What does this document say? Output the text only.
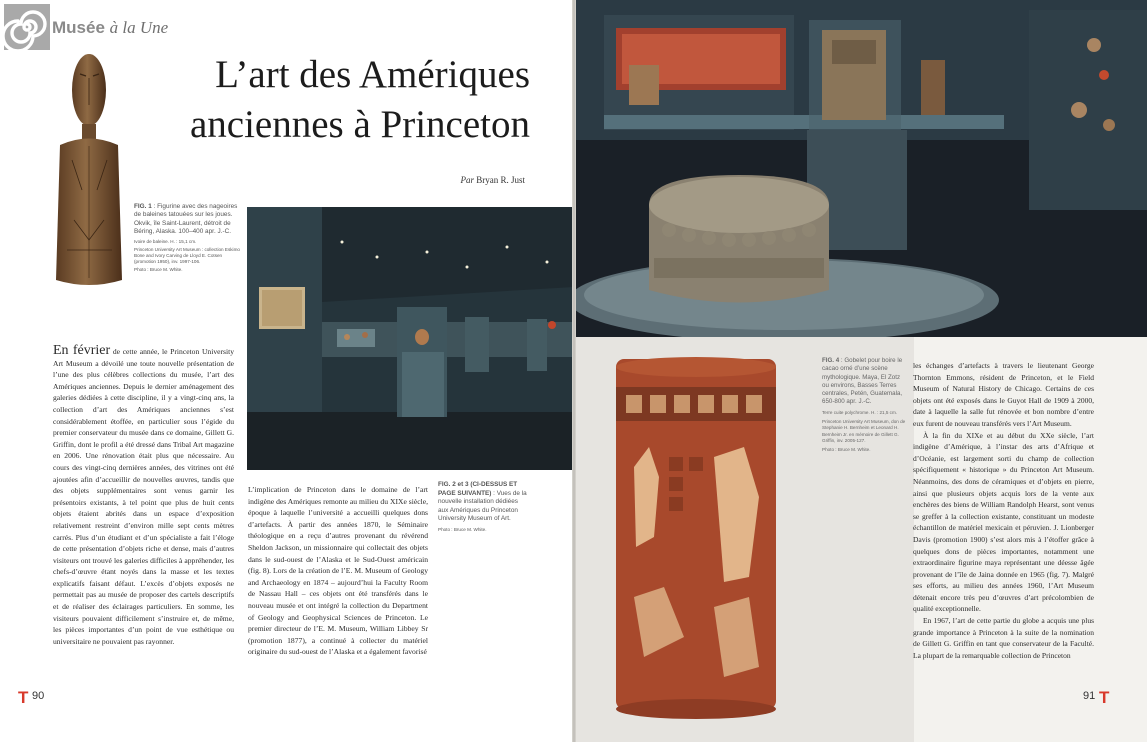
Musée à la Une
L’art des Amériques
anciennes à Princeton
Par Bryan R. Just
FIG. 1 : Figurine avec des nageoires de baleines tatouées sur les joues. Okvik, île Saint-Laurent, détroit de Béring, Alaska. 100–400 apr. J.-C.
Ivoire de baleine. H. : 15,1 cm.
Princeton University Art Museum : collection Eskimo Bone and Ivory Carving de Lloyd E. Cotsen (promotion 1950), inv. 1997-106.
Photo : Bruce M. White.
En février de cette année, le Princeton University Art Museum a dévoilé une toute nouvelle présentation de l’une des plus célèbres collections du musée, l’art des Amériques anciennes. Depuis le dernier aménagement des galeries dédiées à cette discipline, il y a vingt-cinq ans, la collection d’art des Amériques anciennes s’est considérablement étoffée, en particulier sous l’égide du premier conservateur du musée dans ce domaine, Gillett G. Griffin, dont le profil a été dressé dans Tribal Art magazine en 2006. Une rénovation était plus que nécessaire. Au cours des vingt-cinq dernières années, des vitrines ont été ajoutées afin d’accueillir de nouvelles œuvres, tandis que des objets supplémentaires sont venus garnir les présentoirs existants, à tel point que plus de huit cents objets étaient abrités dans un espace d’exposition relativement restreint d’environ mille sept cents mètres carrés. Plus d’un étudiant et d’un spécialiste a fait l’éloge de cette présentation d’objets riche et dense, mais d’autres visiteurs ont trouvé les galeries difficiles à appréhender, les chefs-d’œuvre étant noyés dans la masse et les textes explicatifs faisant défaut. L’excès d’objets exposés ne permettait pas au musée de proposer des cartels descriptifs et de réaliser des éclairages particuliers. En somme, les visiteurs pouvaient difficilement s’instruire et, de même, les pièces importantes d’un point de vue esthétique ou universitaire ne pouvaient pas rayonner.
L’implication de Princeton dans le domaine de l’art indigène des Amériques remonte au milieu du XIXe siècle, époque à laquelle l’université a accueilli quelques dons d’artefacts. À partir des années 1870, le Séminaire théologique en a reçu d’autres provenant du révérend Sheldon Jackson, un missionnaire qui collectait des objets dans le sud-ouest de l’Alaska et le Sud-Ouest américain (fig. 8). Lors de la création de l’E. M. Museum of Geology and Archaeology en 1874 – aujourd’hui la Faculty Room de Nassau Hall – ces objets ont été transférés dans le nouveau musée et ont intégré la collection du Department of Geology and Geophysical Sciences de Princeton. Le premier directeur de l’E. M. Museum, William Libbey Sr (promotion 1877), a continué à collecter du matériel originaire du sud-ouest de l’Alaska et a également favorisé
FIG. 2 et 3 (CI-DESSUS ET PAGE SUIVANTE) : Vues de la nouvelle installation dédiées aux Amériques du Princeton University Museum of Art.
Photo : Bruce M. White.
T 90
FIG. 4 : Gobelet pour boire le cacao orné d’une scène mythologique. Maya, El Zotz ou environs, Basses Terres centrales, Petén, Guatemala, 650-800 apr. J.-C.
Terre cuite polychrome. H. : 21,5 cm.
Princeton University Art Museum, don de Stephanie H. Bernheim et Leonard H. Bernheim Jr. en mémoire de Gillett G. Griffin, inv. 2005-127.
Photo : Bruce M. White.
les échanges d’artefacts à travers le lieutenant George Thornton Emmons, résident de Princeton, et le Field Museum of Natural History de Chicago. Certains de ces objets ont été exposés dans le Guyot Hall de 1909 à 2000, date à laquelle la salle fut rénovée et bon nombre d’entre eux furent de nouveau transférés vers l’Art Museum.
À la fin du XIXe et au début du XXe siècle, l’art indigène d’Amérique, à l’instar des arts d’Afrique et d’Océanie, est largement sorti du champ de collection spécifiquement « historique » du Princeton Art Museum. Néanmoins, des dons de céramiques et d’objets en pierre, ainsi que plusieurs objets acquis lors de la vente aux enchères des biens de William Randolph Hearst, sont venus se greffer à la collection existante, constituant un modeste échantillon de matériel mexicain et péruvien. J. Lionberger Davis (promotion 1900) s’est alors mis à l’étoffer grâce à quelques dons de pièces importantes, notamment une extraordinaire figurine maya représentant une déesse âgée provenant de l’île de Jaina donnée en 1965 (fig. 7). Malgré ses efforts, au milieu des années 1960, l’Art Museum détenait encore très peu d’œuvres d’art précolombien de qualité exceptionnelle.
En 1967, l’art de cette partie du globe a acquis une plus grande importance à Princeton à la suite de la nomination de Gillett G. Griffin en tant que conservateur de la Faculté. La plupart de la remarquable collection de Princeton
91 T
